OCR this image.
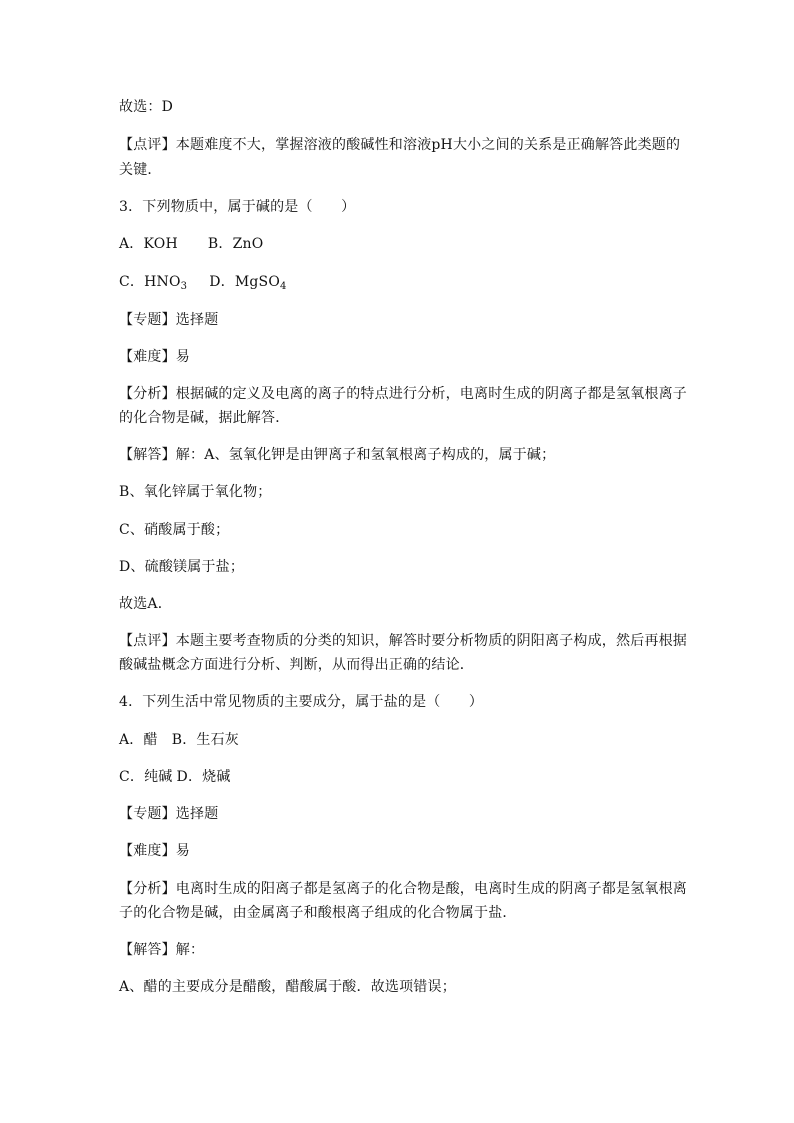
故选：D
【点评】本题难度不大，掌握溶液的酸碱性和溶液pH大小之间的关系是正确解答此类题的
关键．
3．下列物质中，属于碱的是（　　）
A．KOH B．ZnO
C．$HNO_3$ D．MgSO$_4$
【专题】选择题
【难度】易
【分析】根据碱的定义及电离的离子的特点进行分析，电离时生成的阴离子都是氢氧根离子
的化合物是碱，据此解答．
【解答】解：A、氢氧化钾是由钾离子和氢氧根离子构成的，属于碱；
B、氧化锌属于氧化物；
C、硝酸属于酸；
D、硫酸镁属于盐；
故选A．
【点评】本题主要考查物质的分类的知识，解答时要分析物质的阴阳离子构成，然后再根据
酸碱盐概念方面进行分析、判断，从而得出正确的结论．
4．下列生活中常见物质的主要成分，属于盐的是（　　）
A．醋 B．生石灰
C．纯碱 D．烧碱
【专题】选择题
【难度】易
【分析】电离时生成的阳离子都是氢离子的化合物是酸，电离时生成的阴离子都是氢氧根离
子的化合物是碱，由金属离子和酸根离子组成的化合物属于盐．
【解答】解：
A、醋的主要成分是醋酸，醋酸属于酸．故选项错误；
